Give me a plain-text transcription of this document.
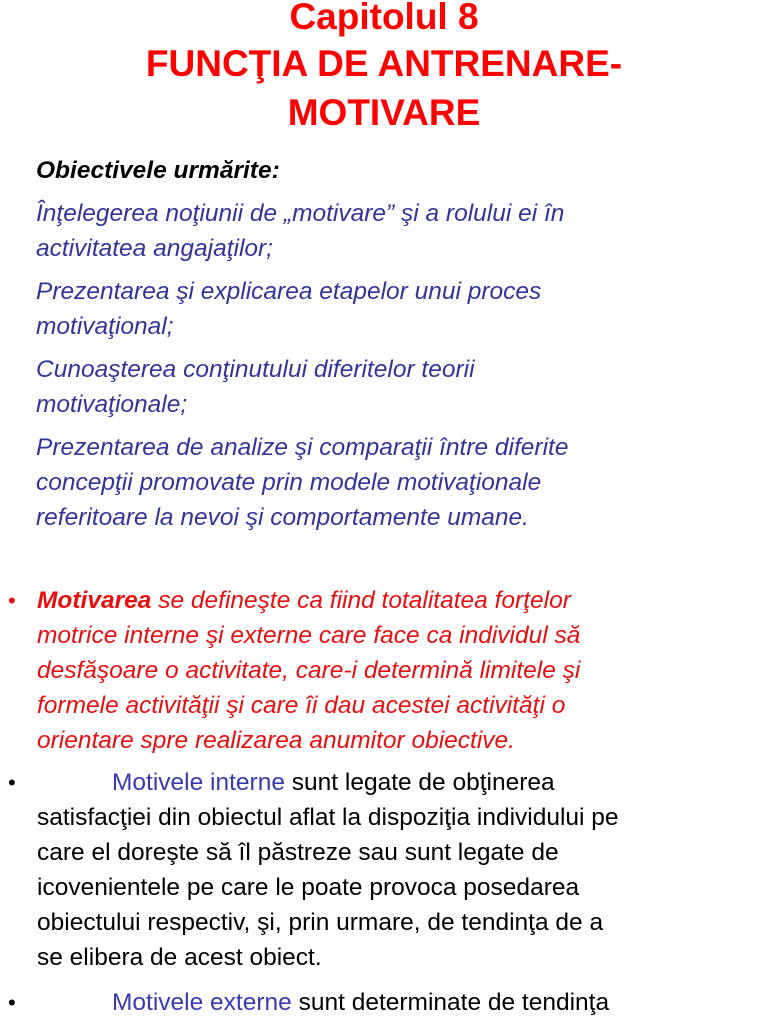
Capitolul 8
FUNCŢIA DE ANTRENARE-
MOTIVARE
Obiectivele urmărite:
Înţelegerea noţiunii de „motivare” şi a rolului ei în
activitatea angajaţilor;
Prezentarea şi explicarea etapelor unui proces
motivaţional;
Cunoaşterea conţinutului diferitelor teorii
motivaţionale;
Prezentarea de analize şi comparaţii între diferite
concepţii promovate prin modele motivaţionale
referitoare la nevoi şi comportamente umane.
• Motivarea se defineşte ca fiind totalitatea forţelor
motrice interne şi externe care face ca individul să
desfăşoare o activitate, care-i determină limitele şi
formele activităţii şi care îi dau acestei activităţi o
orientare spre realizarea anumitor obiective.
•	Motivele interne sunt legate de obţinerea
satisfacţiei din obiectul aflat la dispoziţia individului pe
care el doreşte să îl păstreze sau sunt legate de
icovenientele pe care le poate provoca posedarea
obiectului respectiv, şi, prin urmare, de tendinţa de a
se elibera de acest obiect.
•	Motivele externe sunt determinate de tendinţa
